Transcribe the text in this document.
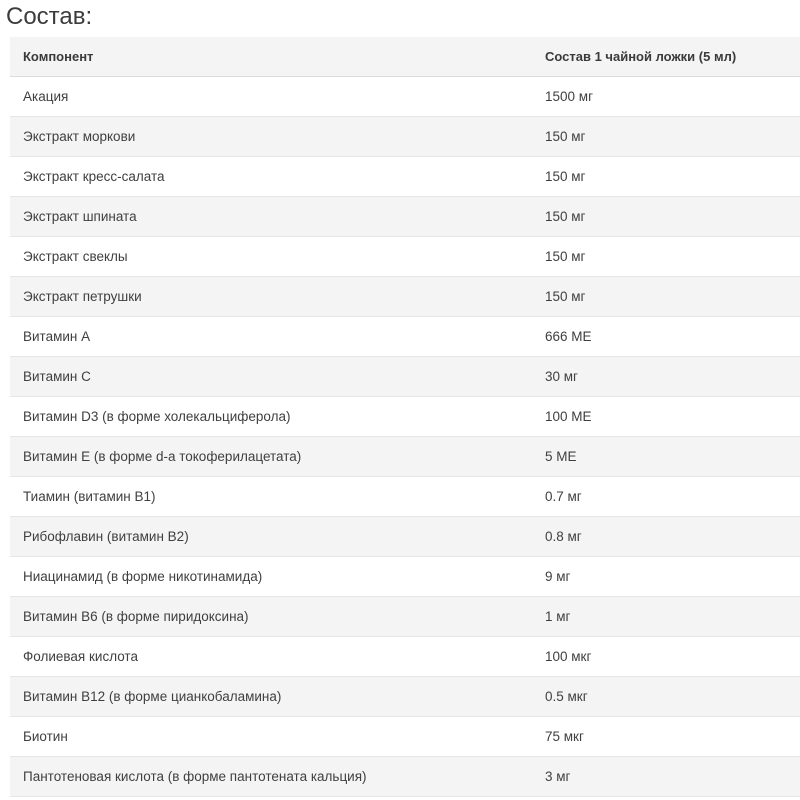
Состав:
Компонент	Состав 1 чайной ложки (5 мл)
Акация	1500 мг
Экстракт моркови	150 мг
Экстракт кресс-салата	150 мг
Экстракт шпината	150 мг
Экстракт свеклы	150 мг
Экстракт петрушки	150 мг
Витамин А	666 МЕ
Витамин С	30 мг
Витамин D3 (в форме холекальциферола)	100 МЕ
Витамин Е (в форме d-a токоферилацетата)	5 МЕ
Тиамин (витамин В1)	0.7 мг
Рибофлавин (витамин В2)	0.8 мг
Ниацинамид (в форме никотинамида)	9 мг
Витамин В6 (в форме пиридоксина)	1 мг
Фолиевая кислота	100 мкг
Витамин В12 (в форме цианкобаламина)	0.5 мкг
Биотин	75 мкг
Пантотеновая кислота (в форме пантотената кальция)	3 мг
